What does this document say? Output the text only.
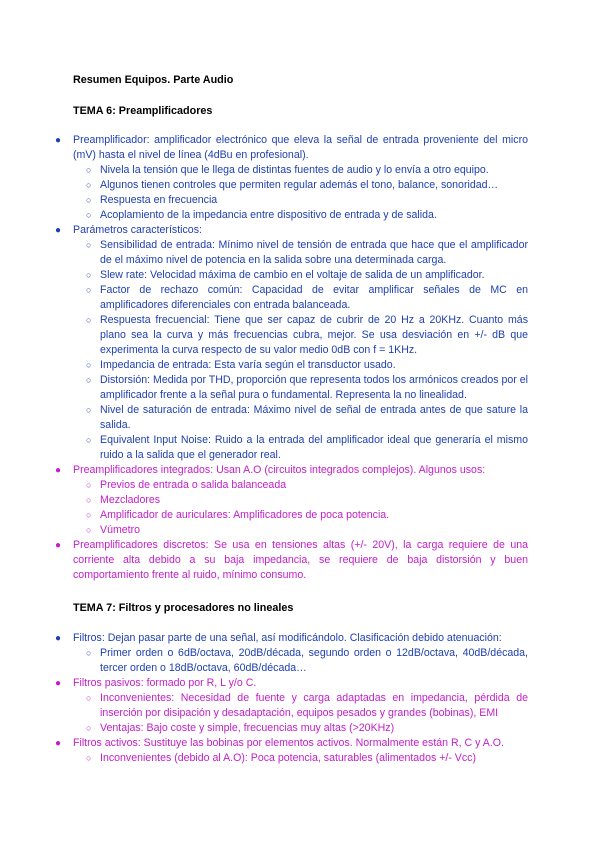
Resumen Equipos. Parte Audio
TEMA 6: Preamplificadores
● Preamplificador: amplificador electrónico que eleva la señal de entrada proveniente del micro (mV) hasta el nivel de línea (4dBu en profesional).
○ Nivela la tensión que le llega de distintas fuentes de audio y lo envía a otro equipo.
○ Algunos tienen controles que permiten regular además el tono, balance, sonoridad…
○ Respuesta en frecuencia
○ Acoplamiento de la impedancia entre dispositivo de entrada y de salida.
● Parámetros característicos:
○ Sensibilidad de entrada: Mínimo nivel de tensión de entrada que hace que el amplificador de el máximo nivel de potencia en la salida sobre una determinada carga.
○ Slew rate: Velocidad máxima de cambio en el voltaje de salida de un amplificador.
○ Factor de rechazo común: Capacidad de evitar amplificar señales de MC en amplificadores diferenciales con entrada balanceada.
○ Respuesta frecuencial: Tiene que ser capaz de cubrir de 20 Hz a 20KHz. Cuanto más plano sea la curva y más frecuencias cubra, mejor. Se usa desviación en +/- dB que experimenta la curva respecto de su valor medio 0dB con f = 1KHz.
○ Impedancia de entrada: Esta varía según el transductor usado.
○ Distorsión: Medida por THD, proporción que representa todos los armónicos creados por el amplificador frente a la señal pura o fundamental. Representa la no linealidad.
○ Nivel de saturación de entrada: Máximo nivel de señal de entrada antes de que sature la salida.
○ Equivalent Input Noise: Ruido a la entrada del amplificador ideal que generaría el mismo ruido a la salida que el generador real.
● Preamplificadores integrados: Usan A.O (circuitos integrados complejos). Algunos usos:
○ Previos de entrada o salida balanceada
○ Mezcladores
○ Amplificador de auriculares: Amplificadores de poca potencia.
○ Vúmetro
● Preamplificadores discretos: Se usa en tensiones altas (+/- 20V), la carga requiere de una corriente alta debido a su baja impedancia, se requiere de baja distorsión y buen comportamiento frente al ruido, mínimo consumo.
TEMA 7: Filtros y procesadores no lineales
● Filtros: Dejan pasar parte de una señal, así modificándolo. Clasificación debido atenuación:
○ Primer orden o 6dB/octava, 20dB/década, segundo orden o 12dB/octava, 40dB/década, tercer orden o 18dB/octava, 60dB/década…
● Filtros pasivos: formado por R, L y/o C.
○ Inconvenientes: Necesidad de fuente y carga adaptadas en impedancia, pérdida de inserción por disipación y desadaptación, equipos pesados y grandes (bobinas), EMI
○ Ventajas: Bajo coste y simple, frecuencias muy altas (>20KHz)
● Filtros activos: Sustituye las bobinas por elementos activos. Normalmente están R, C y A.O.
○ Inconvenientes (debido al A.O): Poca potencia, saturables (alimentados +/- Vcc)
